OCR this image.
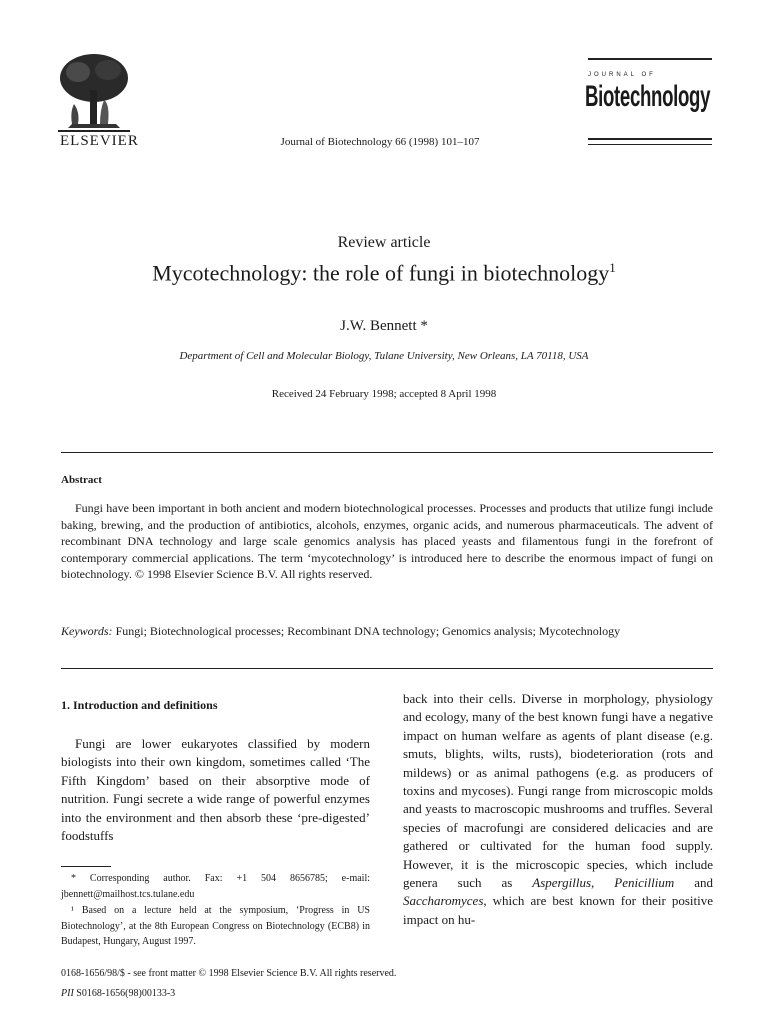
ELSEVIER	Journal of Biotechnology 66 (1998) 101–107
JOURNAL OF
Biotechnology
Review article
Mycotechnology: the role of fungi in biotechnology$^1$
J.W. Bennett *
Department of Cell and Molecular Biology, Tulane University, New Orleans, LA 70118, USA
Received 24 February 1998; accepted 8 April 1998
Abstract

Fungi have been important in both ancient and modern biotechnological processes. Processes and products that utilize fungi include baking, brewing, and the production of antibiotics, alcohols, enzymes, organic acids, and numerous pharmaceuticals. The advent of recombinant DNA technology and large scale genomics analysis has placed yeasts and filamentous fungi in the forefront of contemporary commercial applications. The term ‘mycotechnology’ is introduced here to describe the enormous impact of fungi on biotechnology. © 1998 Elsevier Science B.V. All rights reserved.

Keywords: Fungi; Biotechnological processes; Recombinant DNA technology; Genomics analysis; Mycotechnology
1. Introduction and definitions

Fungi are lower eukaryotes classified by modern biologists into their own kingdom, sometimes called ‘The Fifth Kingdom’ based on their absorptive mode of nutrition. Fungi secrete a wide range of powerful enzymes into the environment and then absorb these ‘pre-digested’ foodstuffs

back into their cells. Diverse in morphology, physiology and ecology, many of the best known fungi have a negative impact on human welfare as agents of plant disease (e.g. smuts, blights, wilts, rusts), biodeterioration (rots and mildews) or as animal pathogens (e.g. as producers of toxins and mycoses). Fungi range from microscopic molds and yeasts to macroscopic mushrooms and truffles. Several species of macrofungi are considered delicacies and are gathered or cultivated for the human food supply. However, it is the microscopic species, which include genera such as Aspergillus, Penicillium and Saccharomyces, which are best known for their positive impact on hu-

* Corresponding author. Fax: +1 504 8656785; e-mail: jbennett@mailhost.tcs.tulane.edu

¹ Based on a lecture held at the symposium, ‘Progress in US Biotechnology’, at the 8th European Congress on Biotechnology (ECB8) in Budapest, Hungary, August 1997.

0168-1656/98/$ - see front matter © 1998 Elsevier Science B.V. All rights reserved.
PII S0168-1656(98)00133-3
